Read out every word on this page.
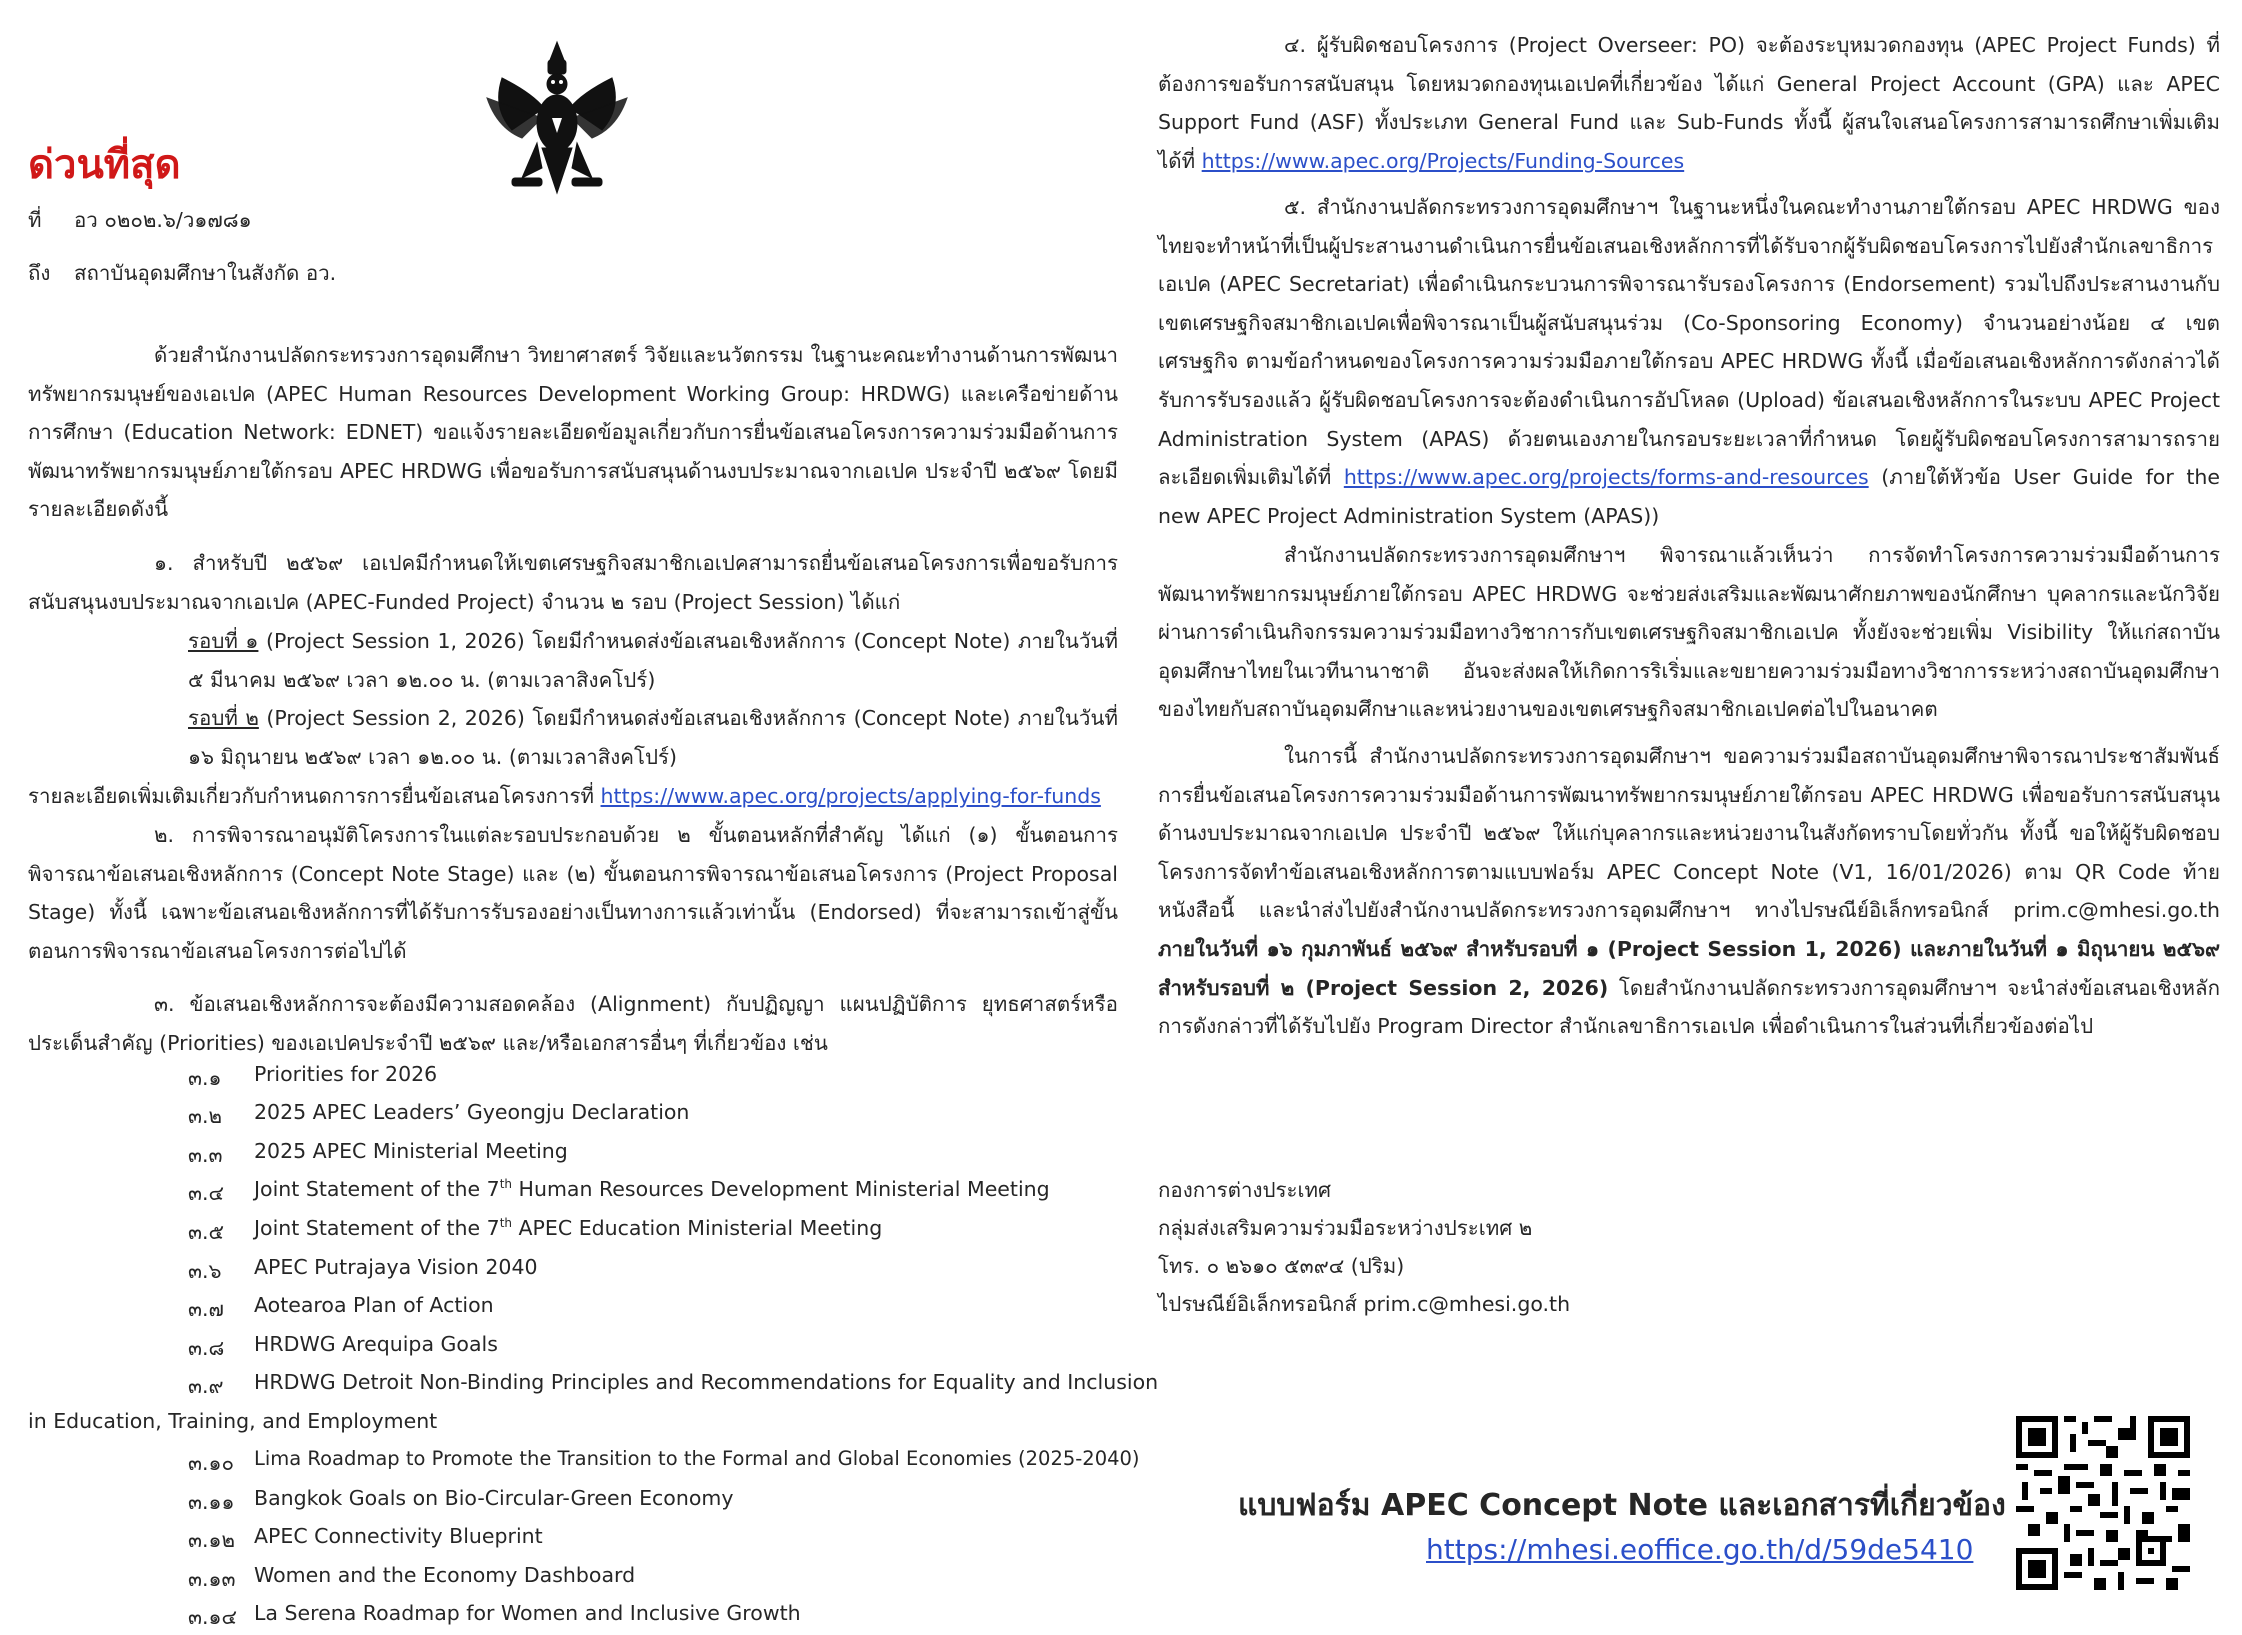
ด่วนที่สุด
ที่ อว ๐๒๐๒.๖/ว๑๗๘๑
ถึง สถาบันอุดมศึกษาในสังกัด อว.

ด้วยสำนักงานปลัดกระทรวงการอุดมศึกษา วิทยาศาสตร์ วิจัยและนวัตกรรม ในฐานะคณะทำงานด้านการพัฒนาทรัพยากรมนุษย์ของเอเปค (APEC Human Resources Development Working Group: HRDWG) และเครือข่ายด้านการศึกษา (Education Network: EDNET) ขอแจ้งรายละเอียดข้อมูลเกี่ยวกับการยื่นข้อเสนอโครงการความร่วมมือด้านการพัฒนาทรัพยากรมนุษย์ภายใต้กรอบ APEC HRDWG เพื่อขอรับการสนับสนุนด้านงบประมาณจากเอเปค ประจำปี ๒๕๖๙ โดยมีรายละเอียดดังนี้

๑. สำหรับปี ๒๕๖๙ เอเปคมีกำหนดให้เขตเศรษฐกิจสมาชิกเอเปคสามารถยื่นข้อเสนอโครงการเพื่อขอรับการสนับสนุนงบประมาณจากเอเปค (APEC-Funded Project) จำนวน ๒ รอบ (Project Session) ได้แก่

รอบที่ ๑ (Project Session 1, 2026) โดยมีกำหนดส่งข้อเสนอเชิงหลักการ (Concept Note) ภายในวันที่ ๕ มีนาคม ๒๕๖๙ เวลา ๑๒.๐๐ น. (ตามเวลาสิงคโปร์)

รอบที่ ๒ (Project Session 2, 2026) โดยมีกำหนดส่งข้อเสนอเชิงหลักการ (Concept Note) ภายในวันที่ ๑๖ มิถุนายน ๒๕๖๙ เวลา ๑๒.๐๐ น. (ตามเวลาสิงคโปร์)

รายละเอียดเพิ่มเติมเกี่ยวกับกำหนดการการยื่นข้อเสนอโครงการที่ https://www.apec.org/projects/applying-for-funds

๒. การพิจารณาอนุมัติโครงการในแต่ละรอบประกอบด้วย ๒ ขั้นตอนหลักที่สำคัญ ได้แก่ (๑) ขั้นตอนการพิจารณาข้อเสนอเชิงหลักการ (Concept Note Stage) และ (๒) ขั้นตอนการพิจารณาข้อเสนอโครงการ (Project Proposal Stage) ทั้งนี้ เฉพาะข้อเสนอเชิงหลักการที่ได้รับการรับรองอย่างเป็นทางการแล้วเท่านั้น (Endorsed) ที่จะสามารถเข้าสู่ขั้นตอนการพิจารณาข้อเสนอโครงการต่อไปได้

๓. ข้อเสนอเชิงหลักการจะต้องมีความสอดคล้อง (Alignment) กับปฏิญญา แผนปฏิบัติการ ยุทธศาสตร์หรือประเด็นสำคัญ (Priorities) ของเอเปคประจำปี ๒๕๖๙ และ/หรือเอกสารอื่นๆ ที่เกี่ยวข้อง เช่น

๓.๑ Priorities for 2026
๓.๒ 2025 APEC Leaders’ Gyeongju Declaration
๓.๓ 2025 APEC Ministerial Meeting
๓.๔ Joint Statement of the 7th Human Resources Development Ministerial Meeting
๓.๕ Joint Statement of the 7th APEC Education Ministerial Meeting
๓.๖ APEC Putrajaya Vision 2040
๓.๗ Aotearoa Plan of Action
๓.๘ HRDWG Arequipa Goals
๓.๙ HRDWG Detroit Non-Binding Principles and Recommendations for Equality and Inclusion
in Education, Training, and Employment
๓.๑๐ Lima Roadmap to Promote the Transition to the Formal and Global Economies (2025-2040)
๓.๑๑ Bangkok Goals on Bio-Circular-Green Economy
๓.๑๒ APEC Connectivity Blueprint
๓.๑๓ Women and the Economy Dashboard
๓.๑๔ La Serena Roadmap for Women and Inclusive Growth

๔. ผู้รับผิดชอบโครงการ (Project Overseer: PO) จะต้องระบุหมวดกองทุน (APEC Project Funds) ที่ต้องการขอรับการสนับสนุน โดยหมวดกองทุนเอเปคที่เกี่ยวข้อง ได้แก่ General Project Account (GPA) และ APEC Support Fund (ASF) ทั้งประเภท General Fund และ Sub-Funds ทั้งนี้ ผู้สนใจเสนอโครงการสามารถศึกษาเพิ่มเติมได้ที่ https://www.apec.org/Projects/Funding-Sources

๕. สำนักงานปลัดกระทรวงการอุดมศึกษาฯ ในฐานะหนึ่งในคณะทำงานภายใต้กรอบ APEC HRDWG ของไทยจะทำหน้าที่เป็นผู้ประสานงานดำเนินการยื่นข้อเสนอเชิงหลักการที่ได้รับจากผู้รับผิดชอบโครงการไปยังสำนักเลขาธิการเอเปค (APEC Secretariat) เพื่อดำเนินกระบวนการพิจารณารับรองโครงการ (Endorsement) รวมไปถึงประสานงานกับเขตเศรษฐกิจสมาชิกเอเปคเพื่อพิจารณาเป็นผู้สนับสนุนร่วม (Co-Sponsoring Economy) จำนวนอย่างน้อย ๔ เขตเศรษฐกิจ ตามข้อกำหนดของโครงการความร่วมมือภายใต้กรอบ APEC HRDWG ทั้งนี้ เมื่อข้อเสนอเชิงหลักการดังกล่าวได้รับการรับรองแล้ว ผู้รับผิดชอบโครงการจะต้องดำเนินการอัปโหลด (Upload) ข้อเสนอเชิงหลักการในระบบ APEC Project Administration System (APAS) ด้วยตนเองภายในกรอบระยะเวลาที่กำหนด โดยผู้รับผิดชอบโครงการสามารถรายละเอียดเพิ่มเติมได้ที่ https://www.apec.org/projects/forms-and-resources (ภายใต้หัวข้อ User Guide for the new APEC Project Administration System (APAS))

สำนักงานปลัดกระทรวงการอุดมศึกษาฯ พิจารณาแล้วเห็นว่า การจัดทำโครงการความร่วมมือด้านการพัฒนาทรัพยากรมนุษย์ภายใต้กรอบ APEC HRDWG จะช่วยส่งเสริมและพัฒนาศักยภาพของนักศึกษา บุคลากรและนักวิจัย ผ่านการดำเนินกิจกรรมความร่วมมือทางวิชาการกับเขตเศรษฐกิจสมาชิกเอเปค ทั้งยังจะช่วยเพิ่ม Visibility ให้แก่สถาบันอุดมศึกษาไทยในเวทีนานาชาติ อันจะส่งผลให้เกิดการริเริ่มและขยายความร่วมมือทางวิชาการระหว่างสถาบันอุดมศึกษาของไทยกับสถาบันอุดมศึกษาและหน่วยงานของเขตเศรษฐกิจสมาชิกเอเปคต่อไปในอนาคต

ในการนี้ สำนักงานปลัดกระทรวงการอุดมศึกษาฯ ขอความร่วมมือสถาบันอุดมศึกษาพิจารณาประชาสัมพันธ์การยื่นข้อเสนอโครงการความร่วมมือด้านการพัฒนาทรัพยากรมนุษย์ภายใต้กรอบ APEC HRDWG เพื่อขอรับการสนับสนุนด้านงบประมาณจากเอเปค ประจำปี ๒๕๖๙ ให้แก่บุคลากรและหน่วยงานในสังกัดทราบโดยทั่วกัน ทั้งนี้ ขอให้ผู้รับผิดชอบโครงการจัดทำข้อเสนอเชิงหลักการตามแบบฟอร์ม APEC Concept Note (V1, 16/01/2026) ตาม QR Code ท้ายหนังสือนี้ และนำส่งไปยังสำนักงานปลัดกระทรวงการอุดมศึกษาฯ ทางไปรษณีย์อิเล็กทรอนิกส์ prim.c@mhesi.go.th ภายในวันที่ ๑๖ กุมภาพันธ์ ๒๕๖๙ สำหรับรอบที่ ๑ (Project Session 1, 2026) และภายในวันที่ ๑ มิถุนายน ๒๕๖๙ สำหรับรอบที่ ๒ (Project Session 2, 2026) โดยสำนักงานปลัดกระทรวงการอุดมศึกษาฯ จะนำส่งข้อเสนอเชิงหลักการดังกล่าวที่ได้รับไปยัง Program Director สำนักเลขาธิการเอเปค เพื่อดำเนินการในส่วนที่เกี่ยวข้องต่อไป

กองการต่างประเทศ
กลุ่มส่งเสริมความร่วมมือระหว่างประเทศ ๒
โทร. ๐ ๒๖๑๐ ๕๓๙๔ (ปริม)
ไปรษณีย์อิเล็กทรอนิกส์ prim.c@mhesi.go.th
แบบฟอร์ม APEC Concept Note และเอกสารที่เกี่ยวข้อง
https://mhesi.eoffice.go.th/d/59de5410
